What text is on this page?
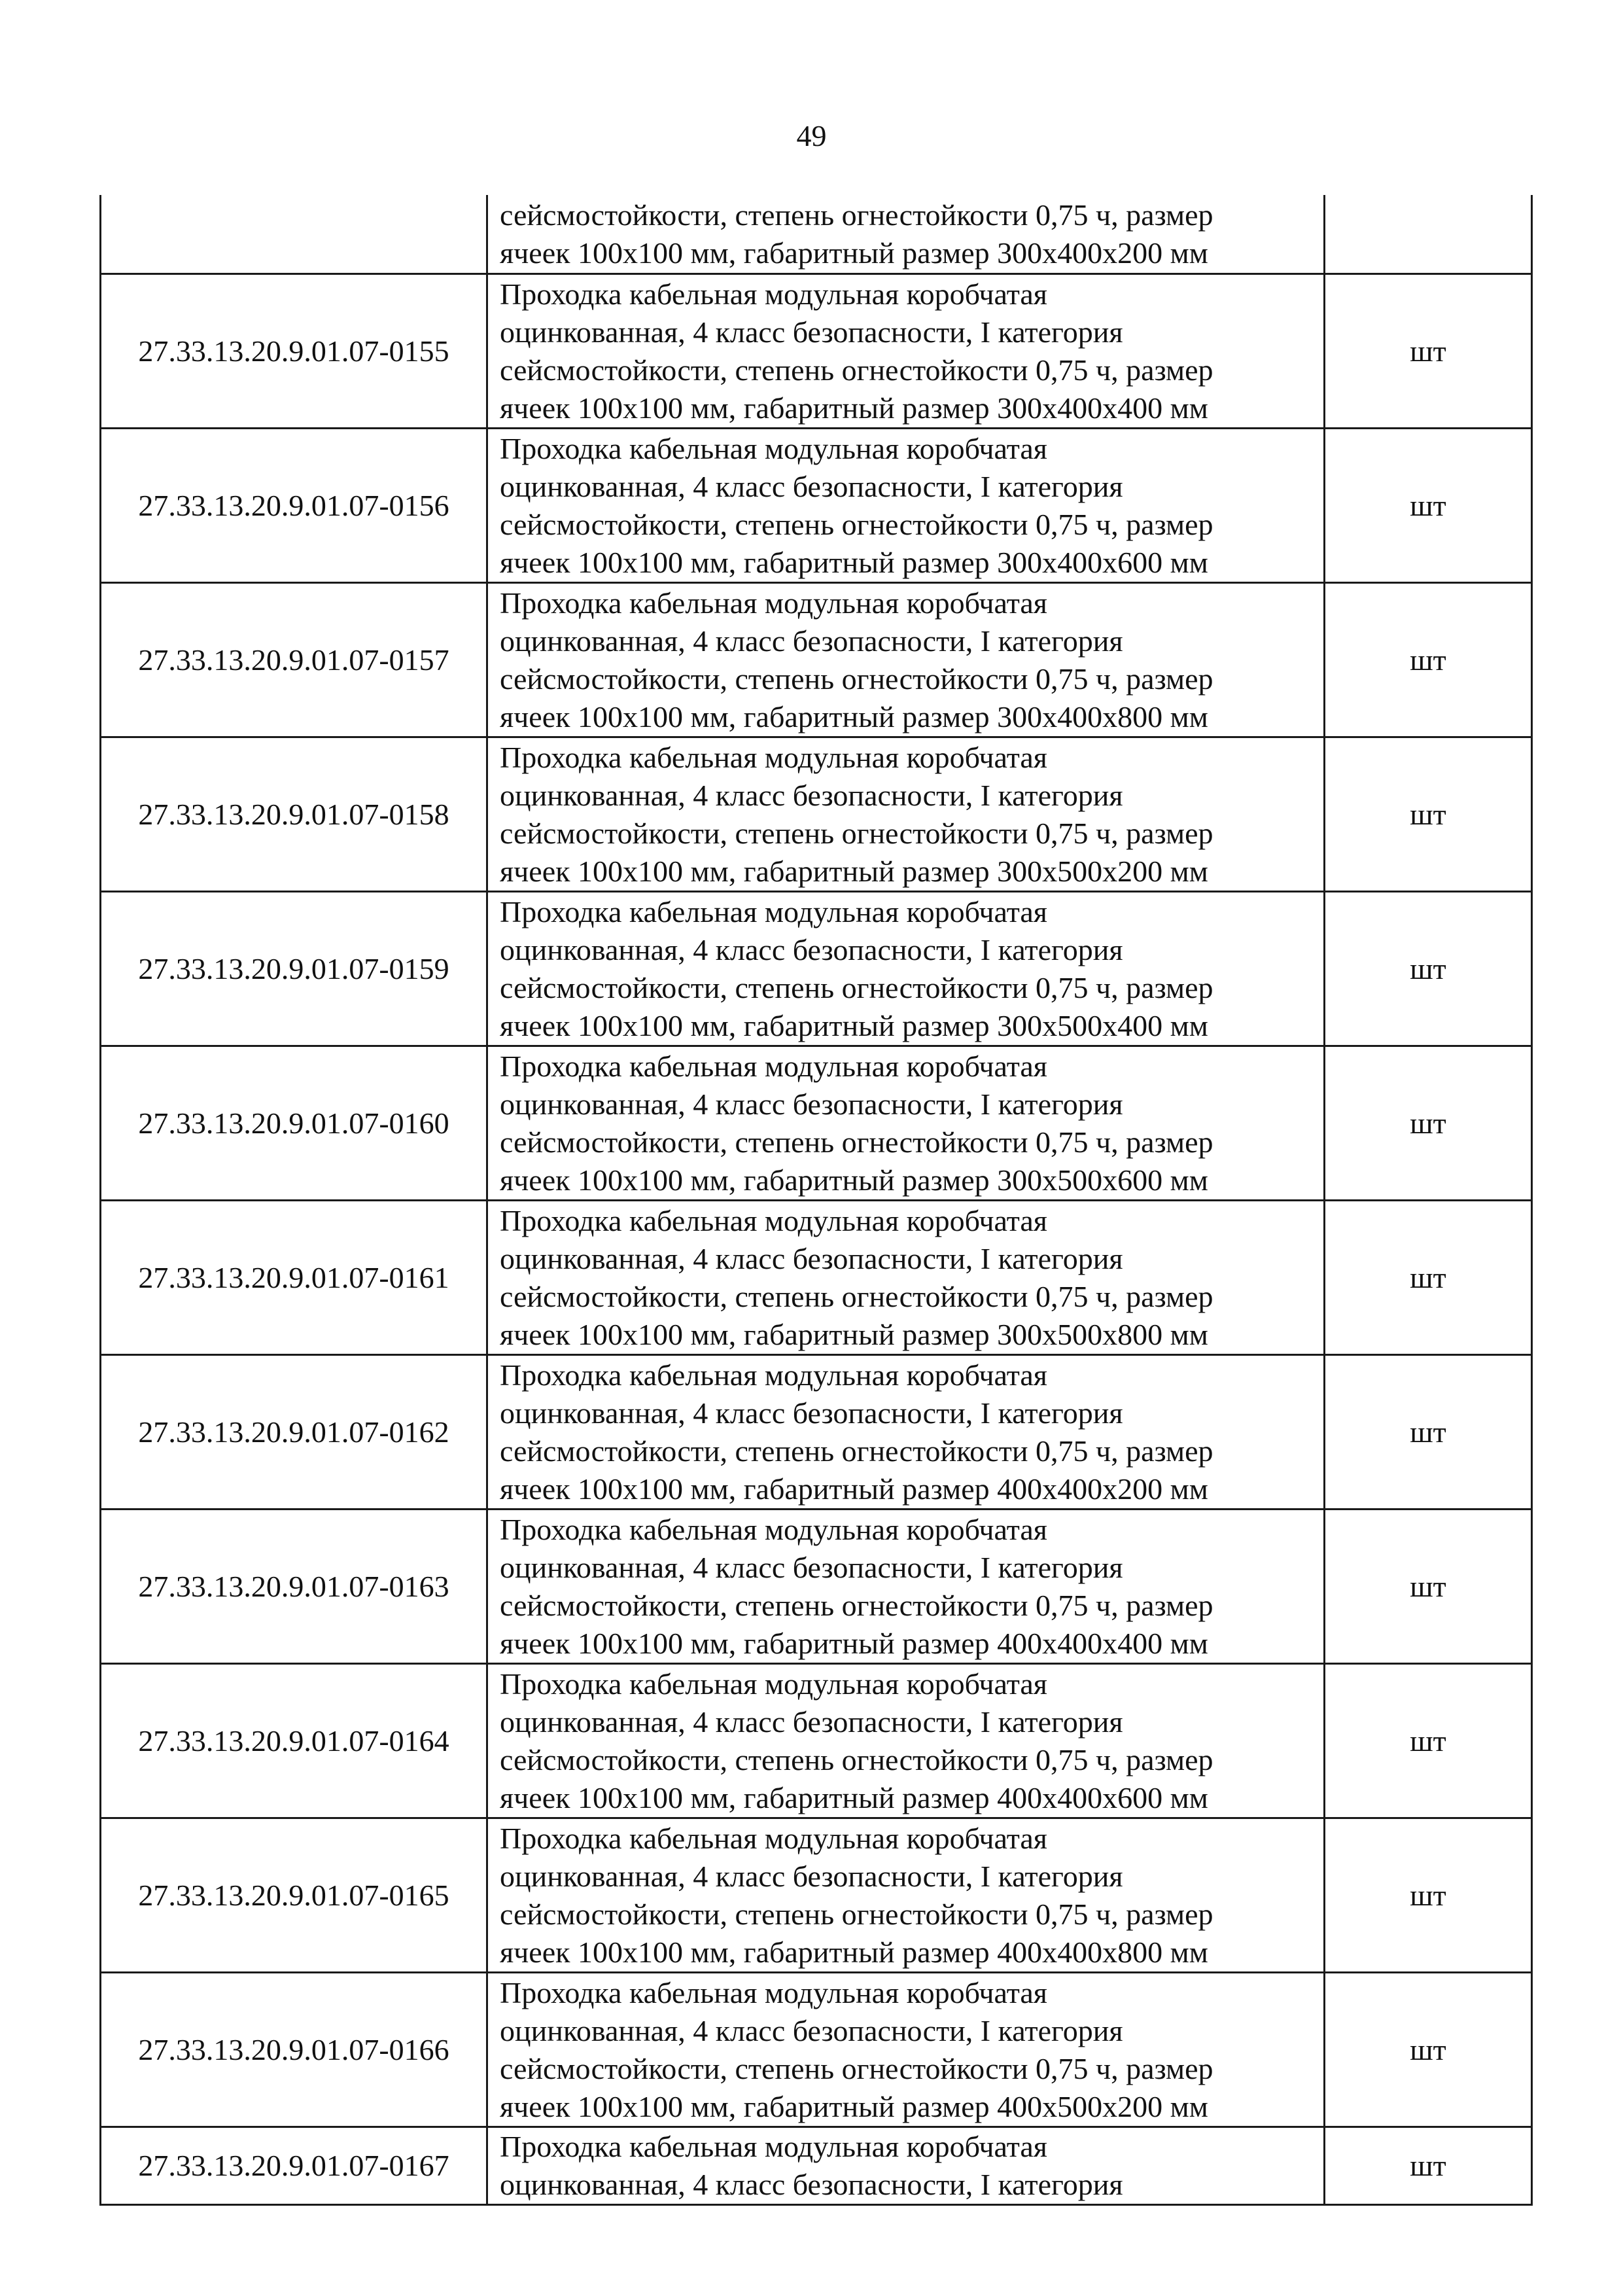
49

	сейсмостойкости, степень огнестойкости 0,75 ч, размер
ячеек 100х100 мм, габаритный размер 300х400х200 мм	

27.33.13.20.9.01.07-0155	Проходка кабельная модульная коробчатая
оцинкованная, 4 класс безопасности, I категория
сейсмостойкости, степень огнестойкости 0,75 ч, размер
ячеек 100х100 мм, габаритный размер 300х400х400 мм	шт
27.33.13.20.9.01.07-0156	Проходка кабельная модульная коробчатая
оцинкованная, 4 класс безопасности, I категория
сейсмостойкости, степень огнестойкости 0,75 ч, размер
ячеек 100х100 мм, габаритный размер 300х400х600 мм	шт
27.33.13.20.9.01.07-0157	Проходка кабельная модульная коробчатая
оцинкованная, 4 класс безопасности, I категория
сейсмостойкости, степень огнестойкости 0,75 ч, размер
ячеек 100х100 мм, габаритный размер 300х400х800 мм	шт
27.33.13.20.9.01.07-0158	Проходка кабельная модульная коробчатая
оцинкованная, 4 класс безопасности, I категория
сейсмостойкости, степень огнестойкости 0,75 ч, размер
ячеек 100х100 мм, габаритный размер 300х500х200 мм	шт
27.33.13.20.9.01.07-0159	Проходка кабельная модульная коробчатая
оцинкованная, 4 класс безопасности, I категория
сейсмостойкости, степень огнестойкости 0,75 ч, размер
ячеек 100х100 мм, габаритный размер 300х500х400 мм	шт
27.33.13.20.9.01.07-0160	Проходка кабельная модульная коробчатая
оцинкованная, 4 класс безопасности, I категория
сейсмостойкости, степень огнестойкости 0,75 ч, размер
ячеек 100х100 мм, габаритный размер 300х500х600 мм	шт
27.33.13.20.9.01.07-0161	Проходка кабельная модульная коробчатая
оцинкованная, 4 класс безопасности, I категория
сейсмостойкости, степень огнестойкости 0,75 ч, размер
ячеек 100х100 мм, габаритный размер 300х500х800 мм	шт
27.33.13.20.9.01.07-0162	Проходка кабельная модульная коробчатая
оцинкованная, 4 класс безопасности, I категория
сейсмостойкости, степень огнестойкости 0,75 ч, размер
ячеек 100х100 мм, габаритный размер 400х400х200 мм	шт
27.33.13.20.9.01.07-0163	Проходка кабельная модульная коробчатая
оцинкованная, 4 класс безопасности, I категория
сейсмостойкости, степень огнестойкости 0,75 ч, размер
ячеек 100х100 мм, габаритный размер 400х400х400 мм	шт
27.33.13.20.9.01.07-0164	Проходка кабельная модульная коробчатая
оцинкованная, 4 класс безопасности, I категория
сейсмостойкости, степень огнестойкости 0,75 ч, размер
ячеек 100х100 мм, габаритный размер 400х400х600 мм	шт
27.33.13.20.9.01.07-0165	Проходка кабельная модульная коробчатая
оцинкованная, 4 класс безопасности, I категория
сейсмостойкости, степень огнестойкости 0,75 ч, размер
ячеек 100х100 мм, габаритный размер 400х400х800 мм	шт
27.33.13.20.9.01.07-0166	Проходка кабельная модульная коробчатая
оцинкованная, 4 класс безопасности, I категория
сейсмостойкости, степень огнестойкости 0,75 ч, размер
ячеек 100х100 мм, габаритный размер 400х500х200 мм	шт
27.33.13.20.9.01.07-0167	Проходка кабельная модульная коробчатая
оцинкованная, 4 класс безопасности, I категория	шт
